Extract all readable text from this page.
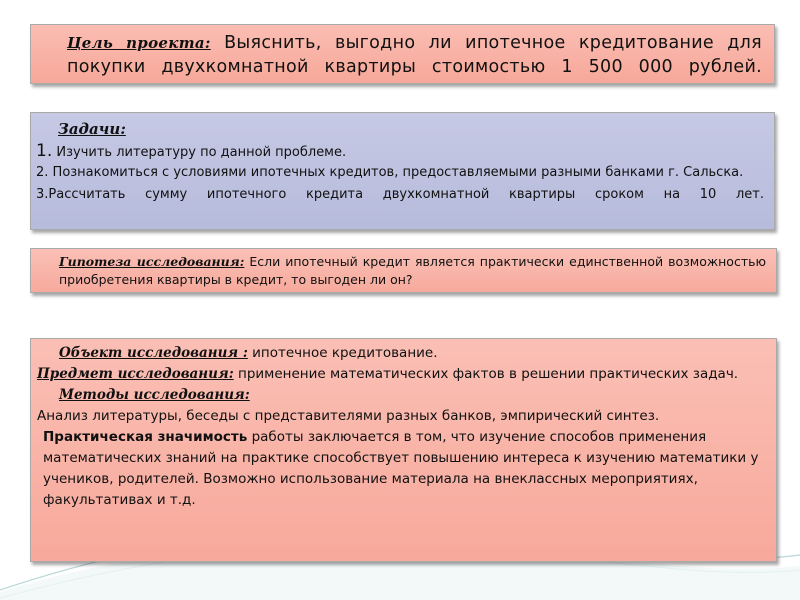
Цель проекта: Выяснить, выгодно ли ипотечное кредитование для покупки двухкомнатной квартиры стоимостью 1 500 000 рублей.

Задачи:

1. Изучить литературу по данной проблеме.

2. Познакомиться с условиями ипотечных кредитов, предоставляемыми разными банками г. Сальска.

3.Рассчитать сумму ипотечного кредита двухкомнатной квартиры сроком на 10 лет.

Гипотеза исследования: Если ипотечный кредит является практически единственной возможностью приобретения квартиры в кредит, то выгоден ли он?

Объект исследования : ипотечное кредитование.

Предмет исследования: применение математических фактов в решении практических задач.

Методы исследования:

Анализ литературы, беседы с представителями разных банков, эмпирический синтез.

Практическая значимость работы заключается в том, что изучение способов применения математических знаний на практике способствует повышению интереса к изучению математики у учеников, родителей. Возможно использование материала на внеклассных мероприятиях, факультативах и т.д.
